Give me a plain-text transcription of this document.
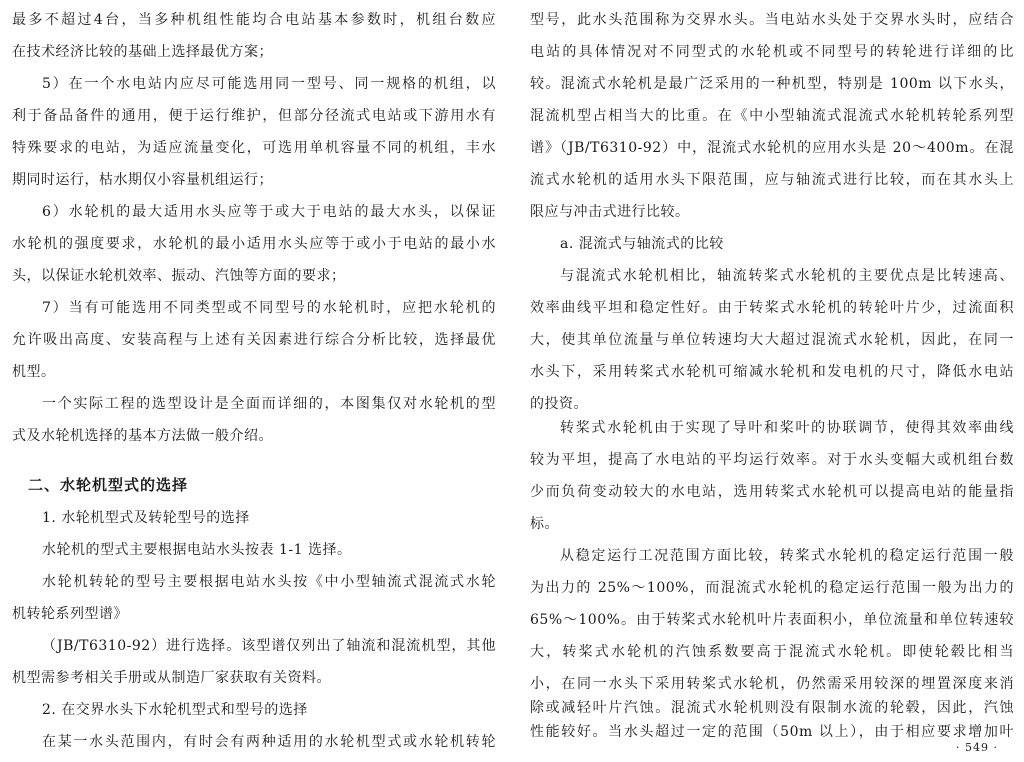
最多不超过4台，当多种机组性能均合电站基本参数时，机组台数应
在技术经济比较的基础上选择最优方案；
5）在一个水电站内应尽可能选用同一型号、同一规格的机组，以
利于备品备件的通用，便于运行维护，但部分径流式电站或下游用水有
特殊要求的电站，为适应流量变化，可选用单机容量不同的机组，丰水
期同时运行，枯水期仅小容量机组运行；
6）水轮机的最大适用水头应等于或大于电站的最大水头，以保证
水轮机的强度要求，水轮机的最小适用水头应等于或小于电站的最小水
头，以保证水轮机效率、振动、汽蚀等方面的要求；
7）当有可能选用不同类型或不同型号的水轮机时，应把水轮机的
允许吸出高度、安装高程与上述有关因素进行综合分析比较，选择最优
机型。
一个实际工程的选型设计是全面而详细的，本图集仅对水轮机的型
式及水轮机选择的基本方法做一般介绍。
二、水轮机型式的选择
1. 水轮机型式及转轮型号的选择
水轮机的型式主要根据电站水头按表 1-1 选择。
水轮机转轮的型号主要根据电站水头按《中小型轴流式混流式水轮
机转轮系列型谱》
（JB/T6310-92）进行选择。该型谱仅列出了轴流和混流机型，其他
机型需参考相关手册或从制造厂家获取有关资料。
2. 在交界水头下水轮机型式和型号的选择
在某一水头范围内，有时会有两种适用的水轮机型式或水轮机转轮
型号，此水头范围称为交界水头。当电站水头处于交界水头时，应结合
电站的具体情况对不同型式的水轮机或不同型号的转轮进行详细的比
较。混流式水轮机是最广泛采用的一种机型，特别是 100m 以下水头，
混流机型占相当大的比重。在《中小型轴流式混流式水轮机转轮系列型
谱》（JB/T6310-92）中，混流式水轮机的应用水头是 20～400m。在混
流式水轮机的适用水头下限范围，应与轴流式进行比较，而在其水头上
限应与冲击式进行比较。
a. 混流式与轴流式的比较
与混流式水轮机相比，轴流转桨式水轮机的主要优点是比转速高、
效率曲线平坦和稳定性好。由于转桨式水轮机的转轮叶片少，过流面积
大，使其单位流量与单位转速均大大超过混流式水轮机，因此，在同一
水头下，采用转桨式水轮机可缩减水轮机和发电机的尺寸，降低水电站
的投资。
转桨式水轮机由于实现了导叶和桨叶的协联调节，使得其效率曲线
较为平坦，提高了水电站的平均运行效率。对于水头变幅大或机组台数
少而负荷变动较大的水电站，选用转桨式水轮机可以提高电站的能量指
标。
从稳定运行工况范围方面比较，转桨式水轮机的稳定运行范围一般
为出力的 25%～100%，而混流式水轮机的稳定运行范围一般为出力的
65%～100%。由于转桨式水轮机叶片表面积小，单位流量和单位转速较
大，转桨式水轮机的汽蚀系数要高于混流式水轮机。即使轮毂比相当
小，在同一水头下采用转桨式水轮机，仍然需采用较深的埋置深度来消
除或减轻叶片汽蚀。混流式水轮机则没有限制水流的轮毂，因此，汽蚀
性能较好。当水头超过一定的范围（50m 以上），由于相应要求增加叶
· 549 ·
